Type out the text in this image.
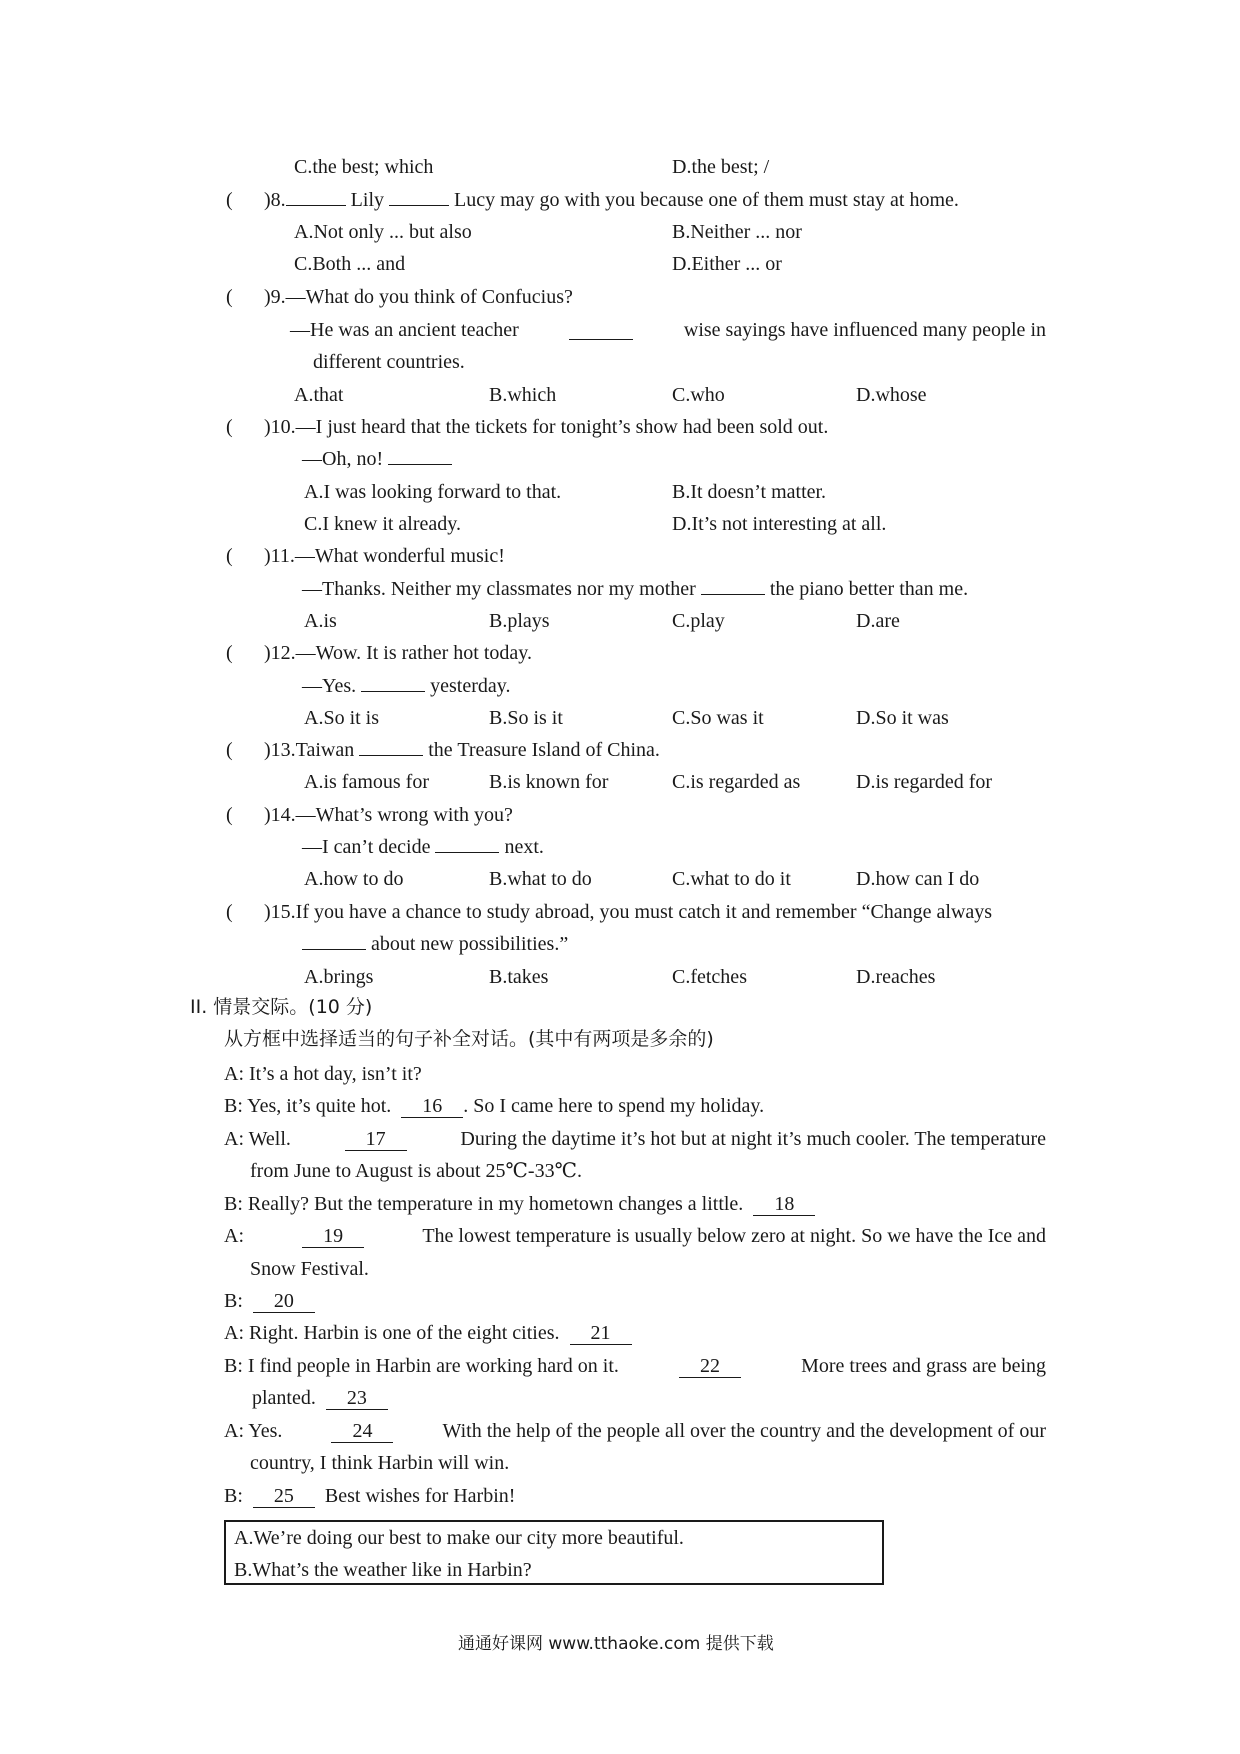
C.the best; which	D.the best; /
( )8.	Lily	Lucy may go with you because one of them must stay at home.
A.Not only ... but also	B.Neither ... nor
C.Both ... and	D.Either ... or
( )9.—What do you think of Confucius?
—He was an ancient teacher	wise sayings have influenced many people in
different countries.
A.that	B.which	C.who	D.whose
( )10.—I just heard that the tickets for tonight’s show had been sold out.
—Oh, no!
A.I was looking forward to that.	B.It doesn’t matter.
C.I knew it already.	D.It’s not interesting at all.
( )11.—What wonderful music!
—Thanks. Neither my classmates nor my mother	the piano better than me.
A.is	B.plays	C.play	D.are
( )12.—Wow. It is rather hot today.
—Yes.	yesterday.
A.So it is	B.So is it	C.So was it	D.So it was
( )13.Taiwan	the Treasure Island of China.
A.is famous for	B.is known for	C.is regarded as	D.is regarded for
( )14.—What’s wrong with you?
—I can’t decide	next.
A.how to do	B.what to do	C.what to do it	D.how can I do
( )15.If you have a chance to study abroad, you must catch it and remember “Change always
about new possibilities.”
A.brings	B.takes	C.fetches	D.reaches
II. 情景交际。(10 分)
从方框中选择适当的句子补全对话。(其中有两项是多余的)
A: It’s a hot day, isn’t it?
B: Yes, it’s quite hot. 16 . So I came here to spend my holiday.
A: Well.	17	During the daytime it’s hot but at night it’s much cooler. The temperature
from June to August is about 25℃-33℃.
B: Really? But the temperature in my hometown changes a little. 18
A:	19	The lowest temperature is usually below zero at night. So we have the Ice and
Snow Festival.
B: 20
A: Right. Harbin is one of the eight cities. 21
B: I find people in Harbin are working hard on it.	22	More trees and grass are being
planted. 23
A: Yes.	24	With the help of the people all over the country and the development of our
country, I think Harbin will win.
B: 25 Best wishes for Harbin!
A.We’re doing our best to make our city more beautiful.
B.What’s the weather like in Harbin?
通通好课网 www.tthaoke.com 提供下载
